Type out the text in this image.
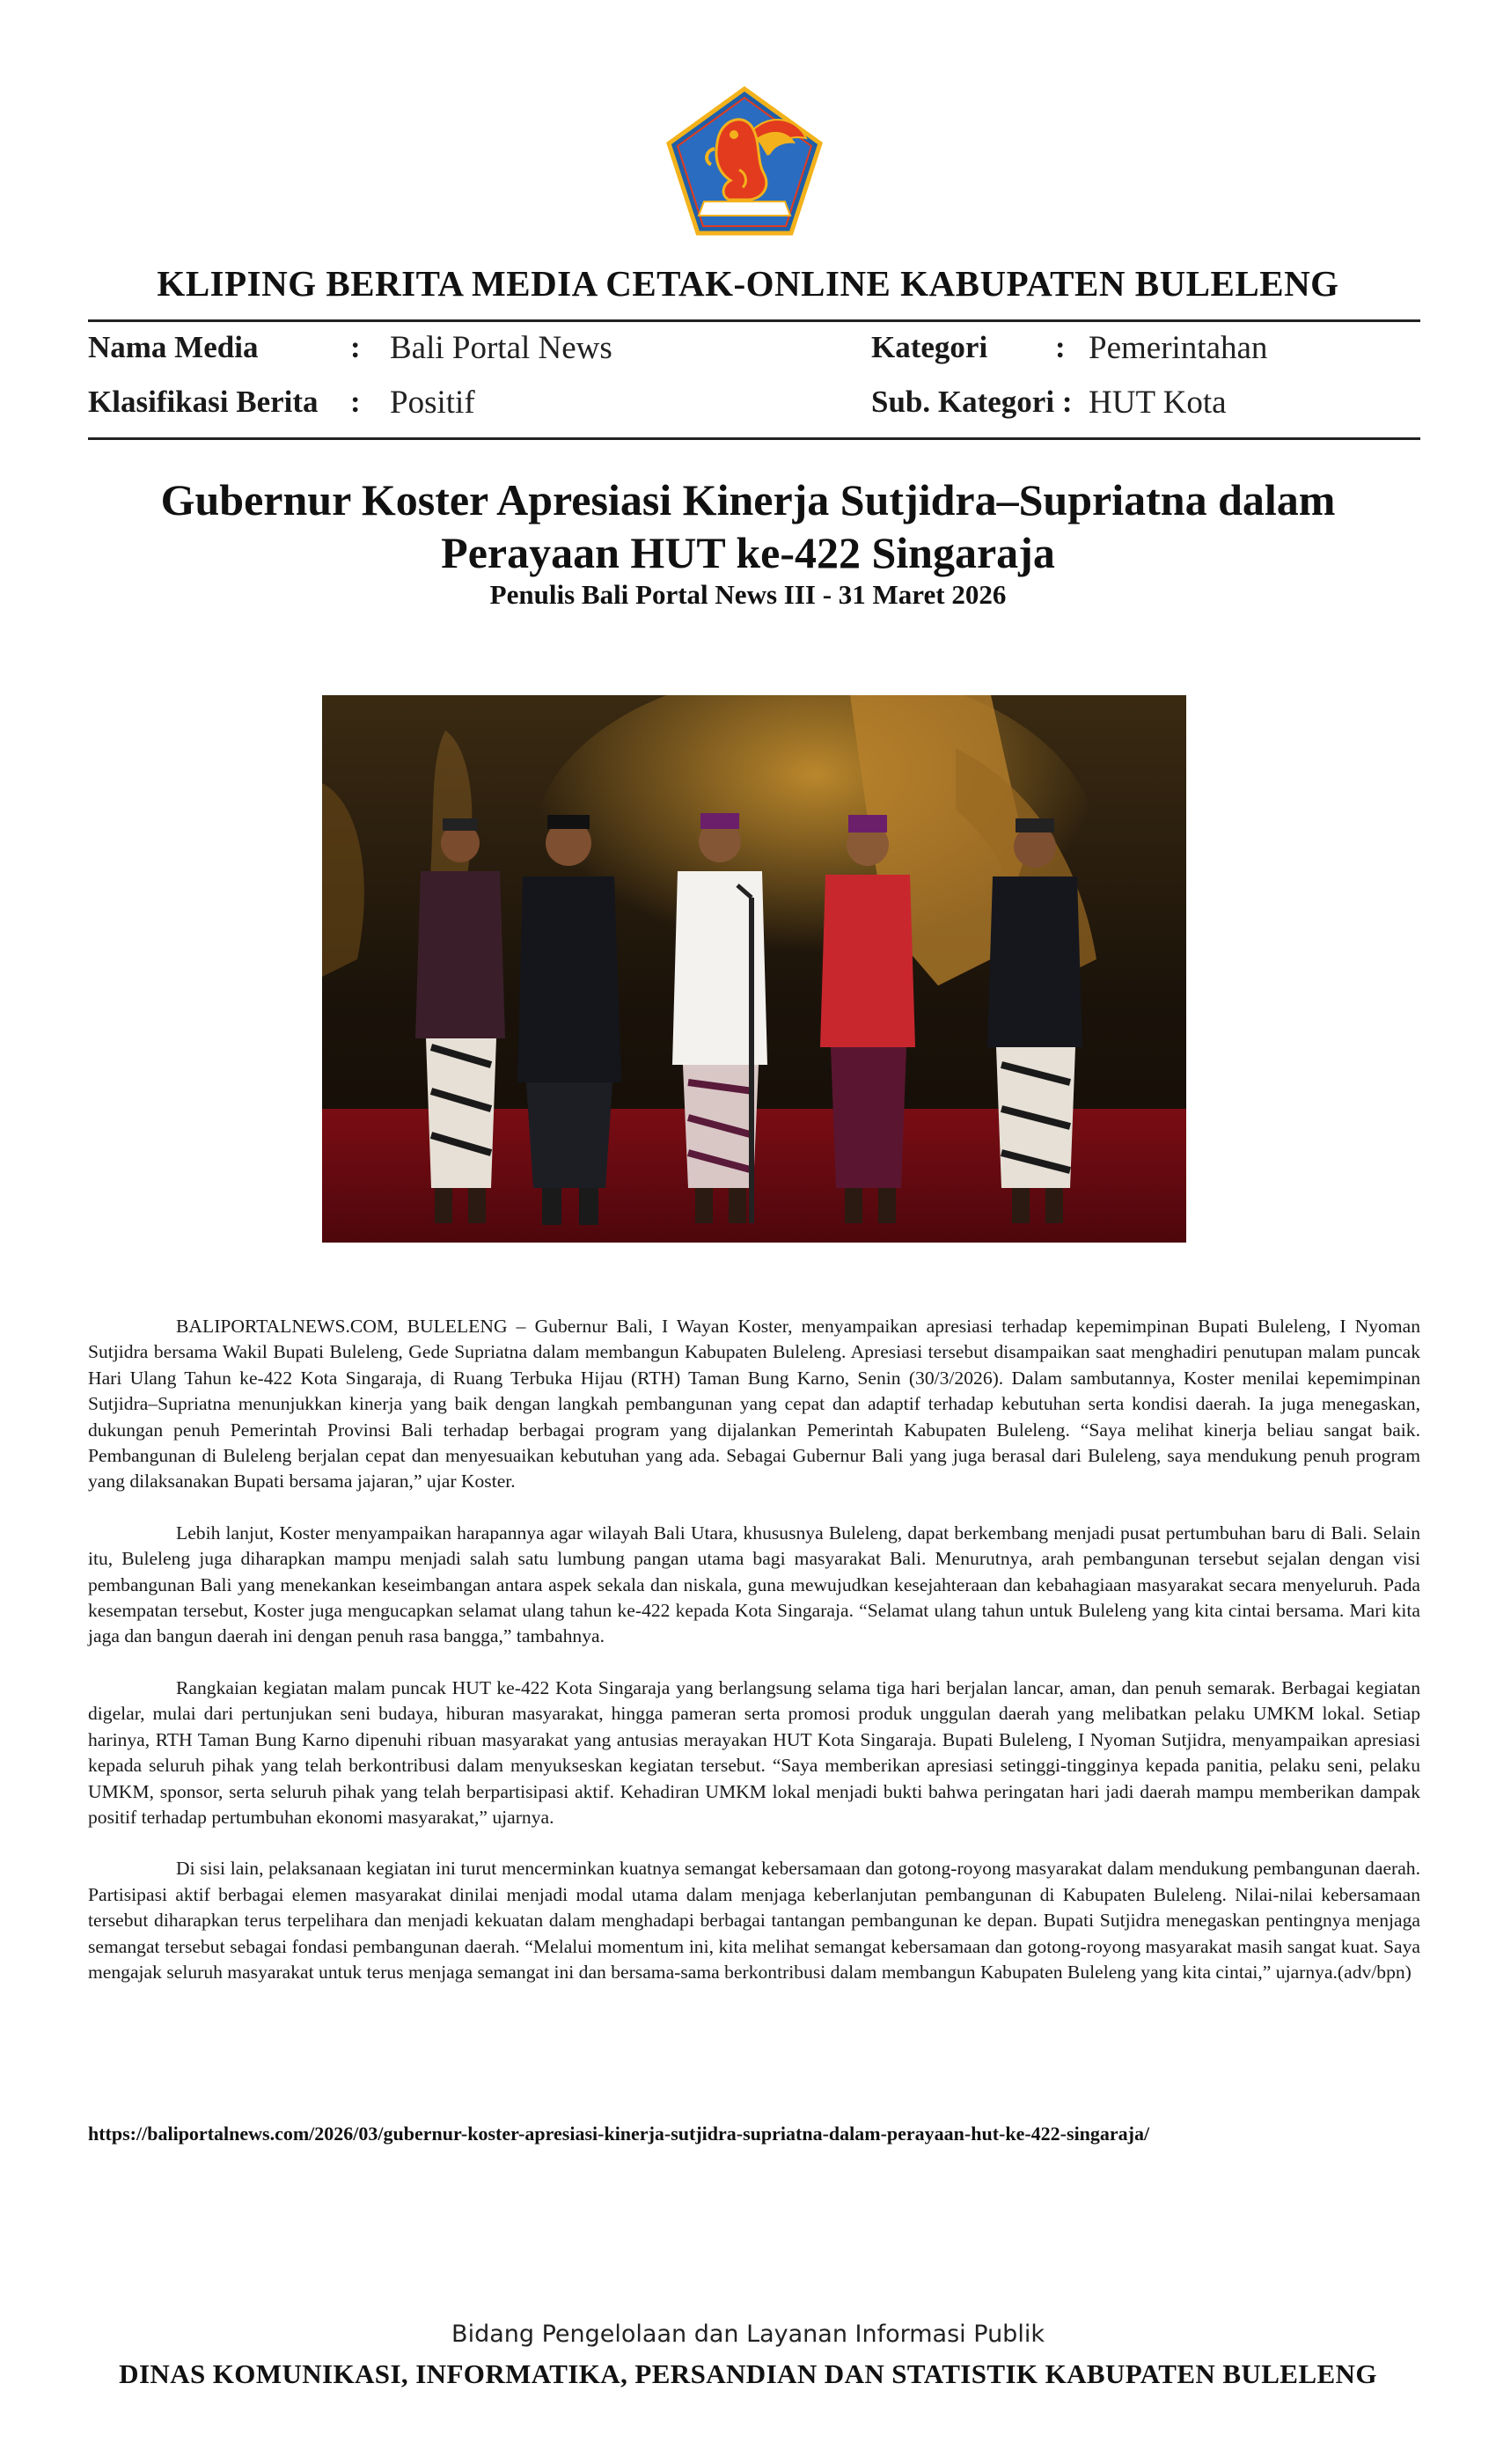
KLIPING BERITA MEDIA CETAK-ONLINE KABUPATEN BULELENG
Nama Media	: Bali Portal News	Kategori : Pemerintahan
Klasifikasi Berita : Positif	Sub. Kategori : HUT Kota
Gubernur Koster Apresiasi Kinerja Sutjidra–Supriatna dalam Perayaan HUT ke-422 Singaraja
Penulis Bali Portal News III - 31 Maret 2026

BALIPORTALNEWS.COM, BULELENG – Gubernur Bali, I Wayan Koster, menyampaikan apresiasi terhadap kepemimpinan Bupati Buleleng, I Nyoman Sutjidra bersama Wakil Bupati Buleleng, Gede Supriatna dalam membangun Kabupaten Buleleng. Apresiasi tersebut disampaikan saat menghadiri penutupan malam puncak Hari Ulang Tahun ke-422 Kota Singaraja, di Ruang Terbuka Hijau (RTH) Taman Bung Karno, Senin (30/3/2026). Dalam sambutannya, Koster menilai kepemimpinan Sutjidra–Supriatna menunjukkan kinerja yang baik dengan langkah pembangunan yang cepat dan adaptif terhadap kebutuhan serta kondisi daerah. Ia juga menegaskan, dukungan penuh Pemerintah Provinsi Bali terhadap berbagai program yang dijalankan Pemerintah Kabupaten Buleleng. “Saya melihat kinerja beliau sangat baik. Pembangunan di Buleleng berjalan cepat dan menyesuaikan kebutuhan yang ada. Sebagai Gubernur Bali yang juga berasal dari Buleleng, saya mendukung penuh program yang dilaksanakan Bupati bersama jajaran,” ujar Koster.

Lebih lanjut, Koster menyampaikan harapannya agar wilayah Bali Utara, khususnya Buleleng, dapat berkembang menjadi pusat pertumbuhan baru di Bali. Selain itu, Buleleng juga diharapkan mampu menjadi salah satu lumbung pangan utama bagi masyarakat Bali. Menurutnya, arah pembangunan tersebut sejalan dengan visi pembangunan Bali yang menekankan keseimbangan antara aspek sekala dan niskala, guna mewujudkan kesejahteraan dan kebahagiaan masyarakat secara menyeluruh. Pada kesempatan tersebut, Koster juga mengucapkan selamat ulang tahun ke-422 kepada Kota Singaraja. “Selamat ulang tahun untuk Buleleng yang kita cintai bersama. Mari kita jaga dan bangun daerah ini dengan penuh rasa bangga,” tambahnya.

Rangkaian kegiatan malam puncak HUT ke-422 Kota Singaraja yang berlangsung selama tiga hari berjalan lancar, aman, dan penuh semarak. Berbagai kegiatan digelar, mulai dari pertunjukan seni budaya, hiburan masyarakat, hingga pameran serta promosi produk unggulan daerah yang melibatkan pelaku UMKM lokal. Setiap harinya, RTH Taman Bung Karno dipenuhi ribuan masyarakat yang antusias merayakan HUT Kota Singaraja. Bupati Buleleng, I Nyoman Sutjidra, menyampaikan apresiasi kepada seluruh pihak yang telah berkontribusi dalam menyukseskan kegiatan tersebut. “Saya memberikan apresiasi setinggi-tingginya kepada panitia, pelaku seni, pelaku UMKM, sponsor, serta seluruh pihak yang telah berpartisipasi aktif. Kehadiran UMKM lokal menjadi bukti bahwa peringatan hari jadi daerah mampu memberikan dampak positif terhadap pertumbuhan ekonomi masyarakat,” ujarnya.

Di sisi lain, pelaksanaan kegiatan ini turut mencerminkan kuatnya semangat kebersamaan dan gotong-royong masyarakat dalam mendukung pembangunan daerah. Partisipasi aktif berbagai elemen masyarakat dinilai menjadi modal utama dalam menjaga keberlanjutan pembangunan di Kabupaten Buleleng. Nilai-nilai kebersamaan tersebut diharapkan terus terpelihara dan menjadi kekuatan dalam menghadapi berbagai tantangan pembangunan ke depan. Bupati Sutjidra menegaskan pentingnya menjaga semangat tersebut sebagai fondasi pembangunan daerah. “Melalui momentum ini, kita melihat semangat kebersamaan dan gotong-royong masyarakat masih sangat kuat. Saya mengajak seluruh masyarakat untuk terus menjaga semangat ini dan bersama-sama berkontribusi dalam membangun Kabupaten Buleleng yang kita cintai,” ujarnya.(adv/bpn)

https://baliportalnews.com/2026/03/gubernur-koster-apresiasi-kinerja-sutjidra-supriatna-dalam-perayaan-hut-ke-422-singaraja/
Bidang Pengelolaan dan Layanan Informasi Publik
DINAS KOMUNIKASI, INFORMATIKA, PERSANDIAN DAN STATISTIK KABUPATEN BULELENG
